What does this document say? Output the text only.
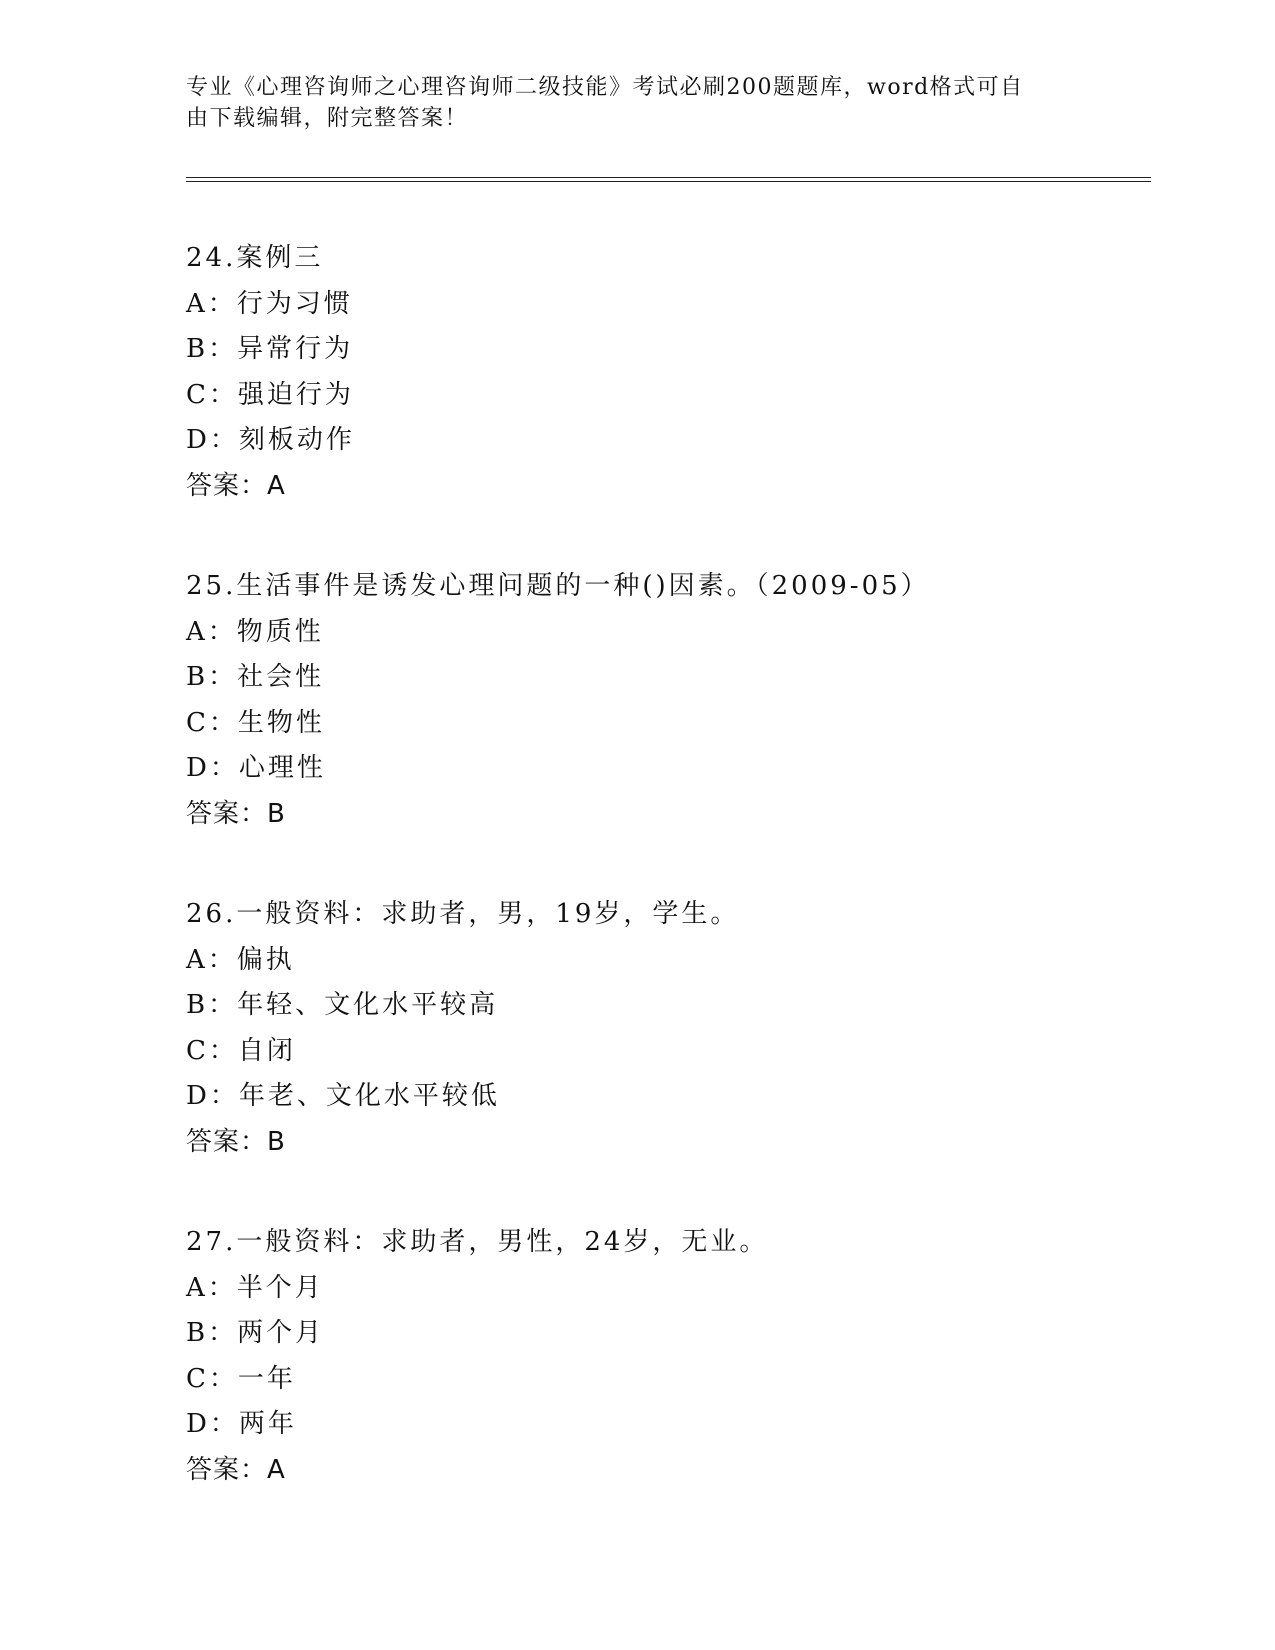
专业《心理咨询师之心理咨询师二级技能》考试必刷200题题库，word格式可自
由下载编辑，附完整答案！
24.案例三
A：行为习惯
B：异常行为
C：强迫行为
D：刻板动作
答案：A
25.生活事件是诱发心理问题的一种()因素。（2009-05）
A：物质性
B：社会性
C：生物性
D：心理性
答案：B
26.一般资料：求助者，男，19岁，学生。
A：偏执
B：年轻、文化水平较高
C：自闭
D：年老、文化水平较低
答案：B
27.一般资料：求助者，男性，24岁，无业。
A：半个月
B：两个月
C：一年
D：两年
答案：A
